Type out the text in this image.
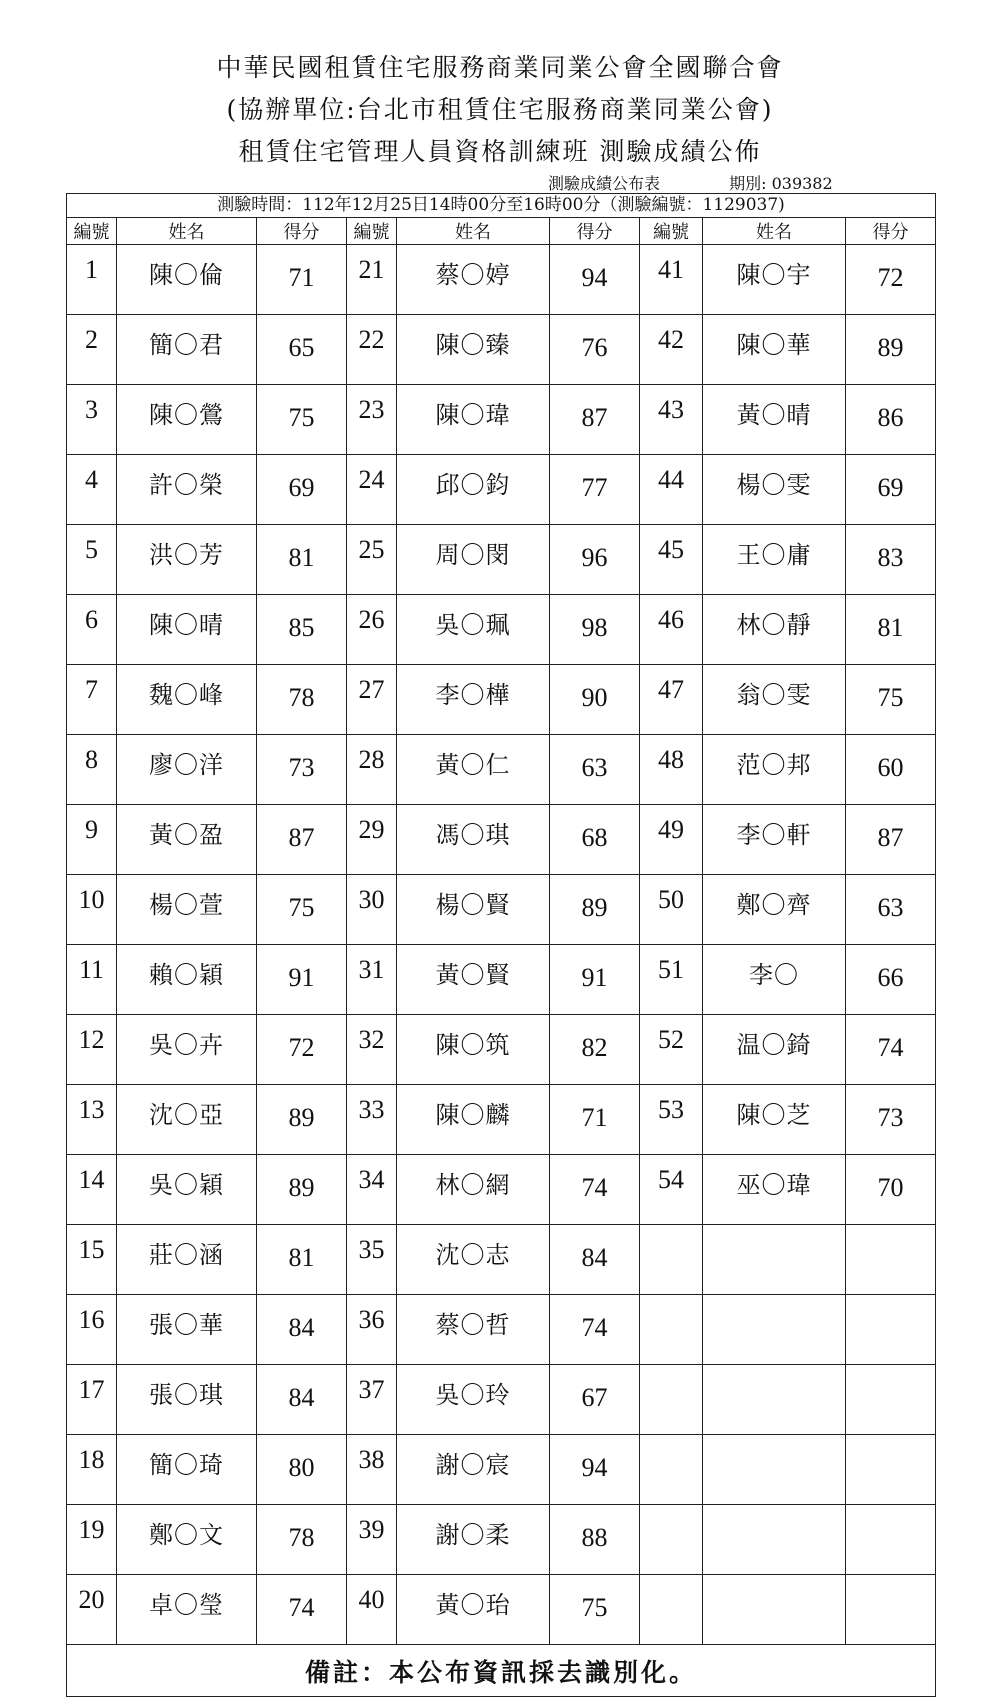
中華民國租賃住宅服務商業同業公會全國聯合會
(協辦單位:台北市租賃住宅服務商業同業公會)
租賃住宅管理人員資格訓練班 測驗成績公佈
測驗成績公布表	期別: 039382
測驗時間：112年12月25日14時00分至16時00分（測驗編號：1129037)								
編號	姓名	得分	編號	姓名	得分	編號	姓名	得分
1	陳〇倫	71	21	蔡〇婷	94	41	陳〇宇	72
2	簡〇君	65	22	陳〇臻	76	42	陳〇華	89
3	陳〇鶯	75	23	陳〇瑋	87	43	黃〇晴	86
4	許〇榮	69	24	邱〇鈞	77	44	楊〇雯	69
5	洪〇芳	81	25	周〇閔	96	45	王〇庸	83
6	陳〇晴	85	26	吳〇珮	98	46	林〇靜	81
7	魏〇峰	78	27	李〇樺	90	47	翁〇雯	75
8	廖〇洋	73	28	黃〇仁	63	48	范〇邦	60
9	黃〇盈	87	29	馮〇琪	68	49	李〇軒	87
10	楊〇萱	75	30	楊〇賢	89	50	鄭〇齊	63
11	賴〇穎	91	31	黃〇賢	91	51	李〇	66
12	吳〇卉	72	32	陳〇筑	82	52	温〇錡	74
13	沈〇亞	89	33	陳〇麟	71	53	陳〇芝	73
14	吳〇穎	89	34	林〇網	74	54	巫〇瑋	70
15	莊〇涵	81	35	沈〇志	84			
16	張〇華	84	36	蔡〇哲	74			
17	張〇琪	84	37	吳〇玲	67			
18	簡〇琦	80	38	謝〇宸	94			
19	鄭〇文	78	39	謝〇柔	88			
20	卓〇瑩	74	40	黃〇珆	75			
備註：本公布資訊採去識別化。								
